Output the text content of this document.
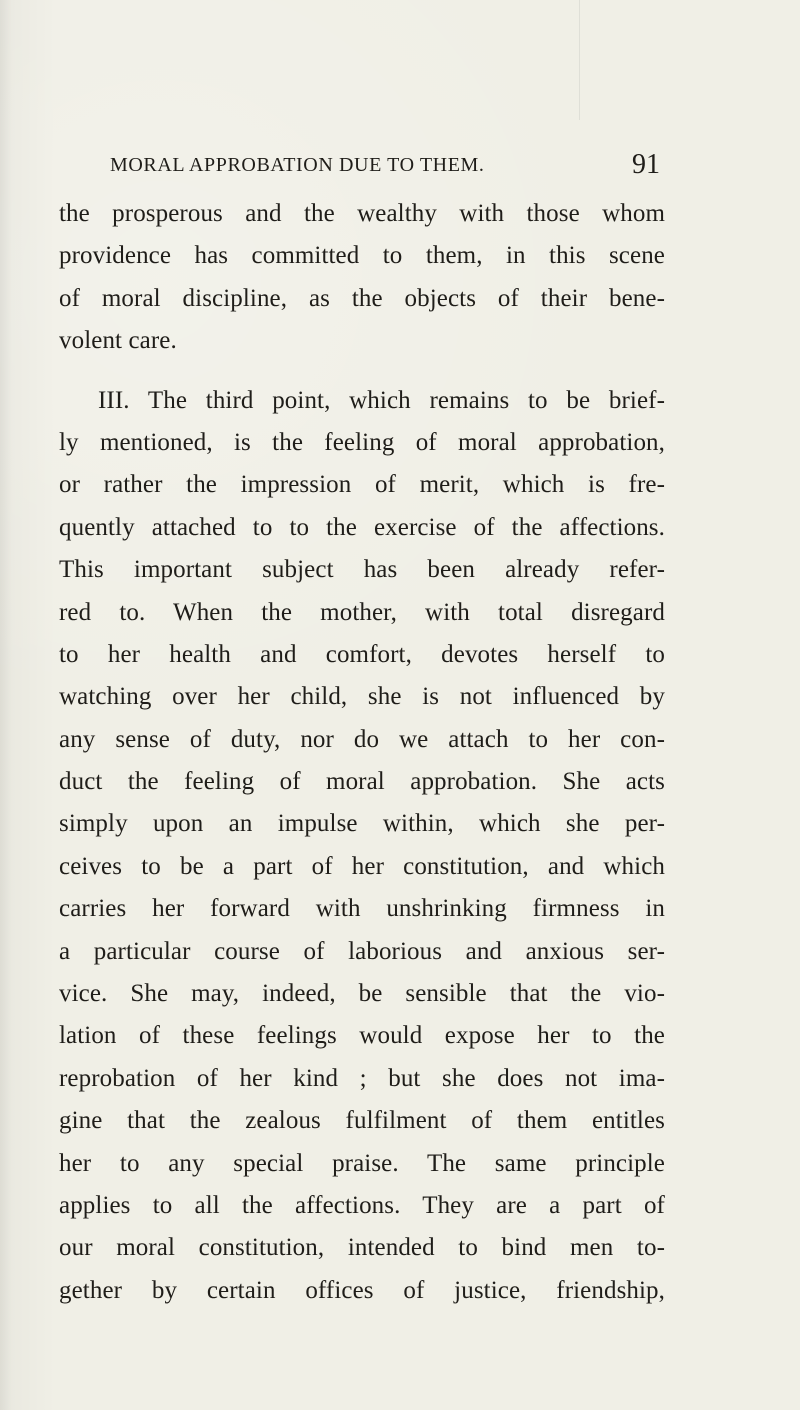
MORAL APPROBATION DUE TO THEM.	91
the prosperous and the wealthy with those whom
providence has committed to them, in this scene
of moral discipline, as the objects of their bene-
volent care.
III. The third point, which remains to be brief-
ly mentioned, is the feeling of moral approbation,
or rather the impression of merit, which is fre-
quently attached to to the exercise of the affections.
This important subject has been already refer-
red to. When the mother, with total disregard
to her health and comfort, devotes herself to
watching over her child, she is not influenced by
any sense of duty, nor do we attach to her con-
duct the feeling of moral approbation. She acts
simply upon an impulse within, which she per-
ceives to be a part of her constitution, and which
carries her forward with unshrinking firmness in
a particular course of laborious and anxious ser-
vice. She may, indeed, be sensible that the vio-
lation of these feelings would expose her to the
reprobation of her kind ; but she does not ima-
gine that the zealous fulfilment of them entitles
her to any special praise. The same principle
applies to all the affections. They are a part of
our moral constitution, intended to bind men to-
gether by certain offices of justice, friendship,
